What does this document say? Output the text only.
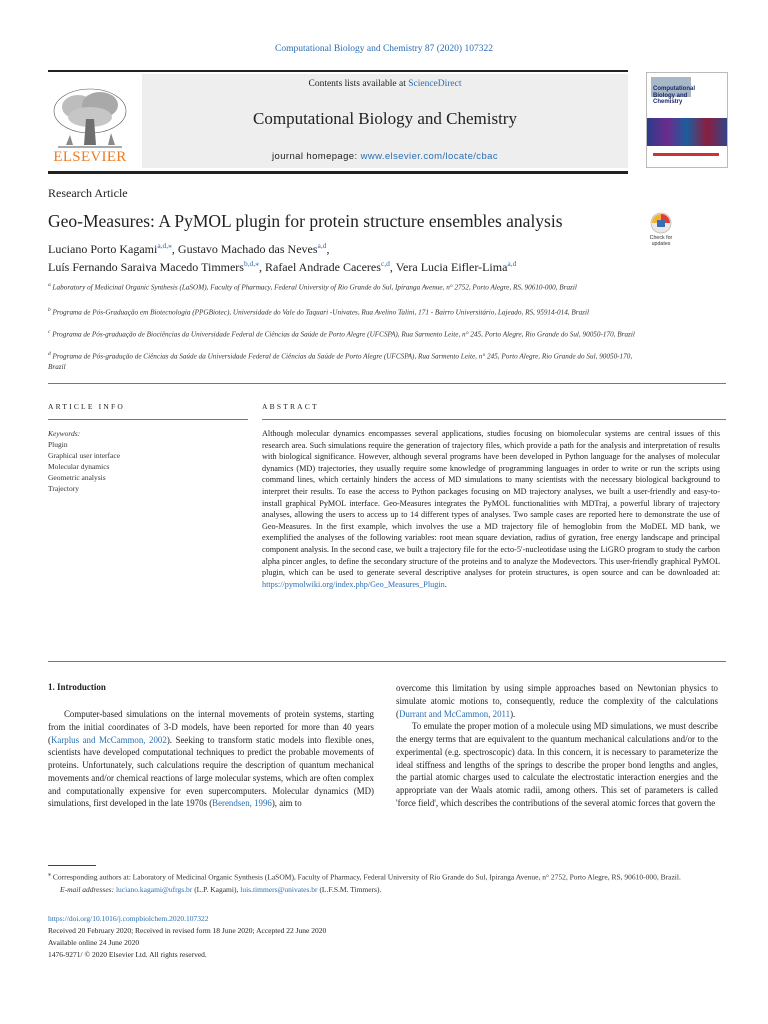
Computational Biology and Chemistry 87 (2020) 107322
ELSEVIER
Contents lists available at ScienceDirect
Computational Biology and Chemistry
journal homepage: www.elsevier.com/locate/cbac
Computational Biology and Chemistry
Research Article
Geo-Measures: A PyMOL plugin for protein structure ensembles analysis
Check for updates
Luciano Porto Kagami$^{a,d,⁎}$, Gustavo Machado das Neves$^{a,d}$,
Luís Fernando Saraiva Macedo Timmers$^{b,d,⁎}$, Rafael Andrade Caceres$^{c,d}$, Vera Lucia Eifler-Lima$^{a,d}$
$^a$ Laboratory of Medicinal Organic Synthesis (LaSOM), Faculty of Pharmacy, Federal University of Rio Grande do Sul, Ipiranga Avenue, n° 2752, Porto Alegre, RS, 90610-000, Brazil
$^b$ Programa de Pós-Graduação em Biotecnologia (PPGBiotec), Universidade do Vale do Taquari -Univates, Rua Avelino Talini, 171 - Bairro Universitário, Lajeado, RS, 95914-014, Brazil
$^c$ Programa de Pós-graduação de Biociências da Universidade Federal de Ciências da Saúde de Porto Alegre (UFCSPA), Rua Sarmento Leite, n° 245, Porto Alegre, Rio Grande do Sul, 90050-170, Brazil
$^d$ Programa de Pós-gradução de Ciências da Saúde da Universidade Federal de Ciências da Saúde de Porto Alegre (UFCSPA), Rua Sarmento Leite, n° 245, Porto Alegre, Rio Grande do Sul, 90050-170, Brazil
ARTICLE INFO	ABSTRACT
Keywords:
Plugin
Graphical user interface
Molecular dynamics
Geometric analysis
Trajectory

Although molecular dynamics encompasses several applications, studies focusing on biomolecular systems are central issues of this research area. Such simulations require the generation of trajectory files, which provide a path for the analysis and interpretation of results with biological significance. However, although several programs have been developed in Python language for the analyses of molecular dynamics (MD) trajectories, they usually require some knowledge of programming languages in order to write or run the scripts using command lines, which certainly hinders the access of MD simulations to many scientists with the necessary biological background to interpret their results. To ease the access to Python packages focusing on MD trajectory analyses, we built a user-friendly and easy-to-install graphical PyMOL interface. Geo-Measures integrates the PyMOL functionalities with MDTraj, a powerful library of trajectory analyses, allowing the users to access up to 14 different types of analyses. Two sample cases are reported here to demonstrate the use of Geo-Measures. In the first example, which involves the use a MD trajectory file of hemoglobin from the MoDEL MD bank, we exemplified the analyses of the following variables: root mean square deviation, radius of gyration, free energy landscape and principal component analysis. In the second case, we built a trajectory file for the ecto-5′-nucleotidase using the LiGRO program to study the carbon alpha pincer angles, to define the secondary structure of the proteins and to analyze the Modevectors. This user-friendly graphical PyMOL plugin, which can be used to generate several descriptive analyses for protein structures, is open source and can be downloaded at: https://pymolwiki.org/index.php/Geo_Measures_Plugin.

1. Introduction

Computer-based simulations on the internal movements of protein systems, starting from the initial coordinates of 3-D models, have been reported for more than 40 years (Karplus and McCammon, 2002). Seeking to transform static models into flexible ones, scientists have developed computational techniques to predict the probable movements of proteins. Unfortunately, such calculations require the description of quantum mechanical movements and/or chemical reactions of large molecular systems, which are often complex and computationally expensive for even supercomputers. Molecular dynamics (MD) simulations, first developed in the late 1970s (Berendsen, 1996), aim to

overcome this limitation by using simple approaches based on Newtonian physics to simulate atomic motions to, consequently, reduce the complexity of the calculations (Durrant and McCammon, 2011).

To emulate the proper motion of a molecule using MD simulations, we must describe the energy terms that are equivalent to the quantum mechanical calculations and/or to the experimental (e.g. spectroscopic) data. In this concern, it is necessary to parameterize the ideal stiffness and lengths of the springs to describe the proper bond lengths and angles, the partial atomic charges used to calculate the electrostatic interaction energies and the appropriate van der Waals atomic radii, among others. This set of parameters is called 'force field', which describes the contributions of the several atomic forces that govern the

⁎ Corresponding authors at: Laboratory of Medicinal Organic Synthesis (LaSOM), Faculty of Pharmacy, Federal University of Rio Grande do Sul, Ipiranga Avenue, n° 2752, Porto Alegre, RS, 90610-000, Brazil.

E-mail addresses: luciano.kagami@ufrgs.br (L.P. Kagami), luis.timmers@univates.br (L.F.S.M. Timmers).

https://doi.org/10.1016/j.compbiolchem.2020.107322

Received 20 February 2020; Received in revised form 18 June 2020; Accepted 22 June 2020

Available online 24 June 2020

1476-9271/ © 2020 Elsevier Ltd. All rights reserved.
